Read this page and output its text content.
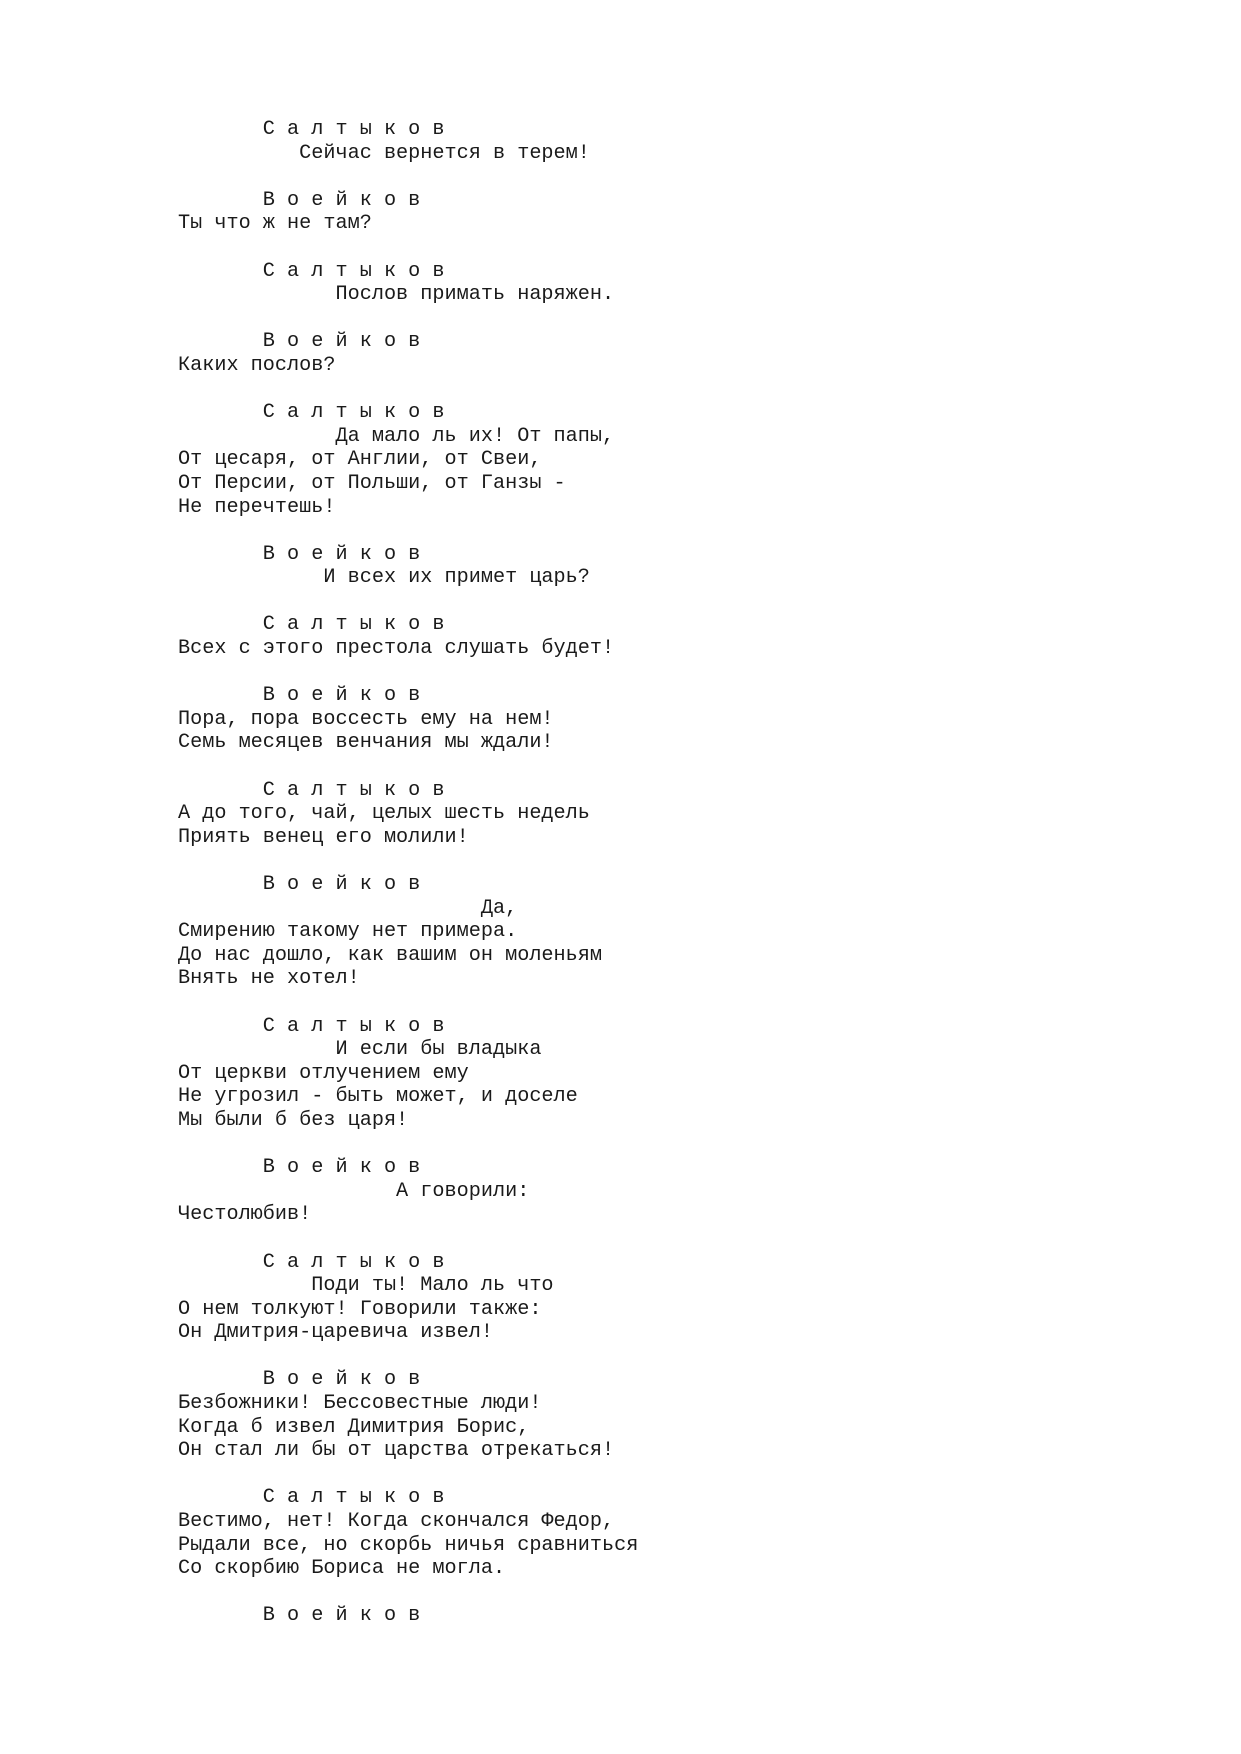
С а л т ы к о в
Сейчас вернется в терем!
В о е й к о в
Ты что ж не там?
С а л т ы к о в
Послов примать наряжен.
В о е й к о в
Каких послов?
С а л т ы к о в
Да мало ль их! От папы,
От цесаря, от Англии, от Свеи,
От Персии, от Польши, от Ганзы -
Не перечтешь!
В о е й к о в
И всех их примет царь?
С а л т ы к о в
Всех с этого престола слушать будет!
В о е й к о в
Пора, пора воссесть ему на нем!
Семь месяцев венчания мы ждали!
С а л т ы к о в
А до того, чай, целых шесть недель
Приять венец его молили!
В о е й к о в
Да,
Смирению такому нет примера.
До нас дошло, как вашим он моленьям
Внять не хотел!
С а л т ы к о в
И если бы владыка
От церкви отлучением ему
Не угрозил - быть может, и доселе
Мы были б без царя!
В о е й к о в
А говорили:
Честолюбив!
С а л т ы к о в
Поди ты! Мало ль что
О нем толкуют! Говорили также:
Он Дмитрия-царевича извел!
В о е й к о в
Безбожники! Бессовестные люди!
Когда б извел Димитрия Борис,
Он стал ли бы от царства отрекаться!
С а л т ы к о в
Вестимо, нет! Когда скончался Федор,
Рыдали все, но скорбь ничья сравниться
Со скорбию Бориса не могла.
В о е й к о в
